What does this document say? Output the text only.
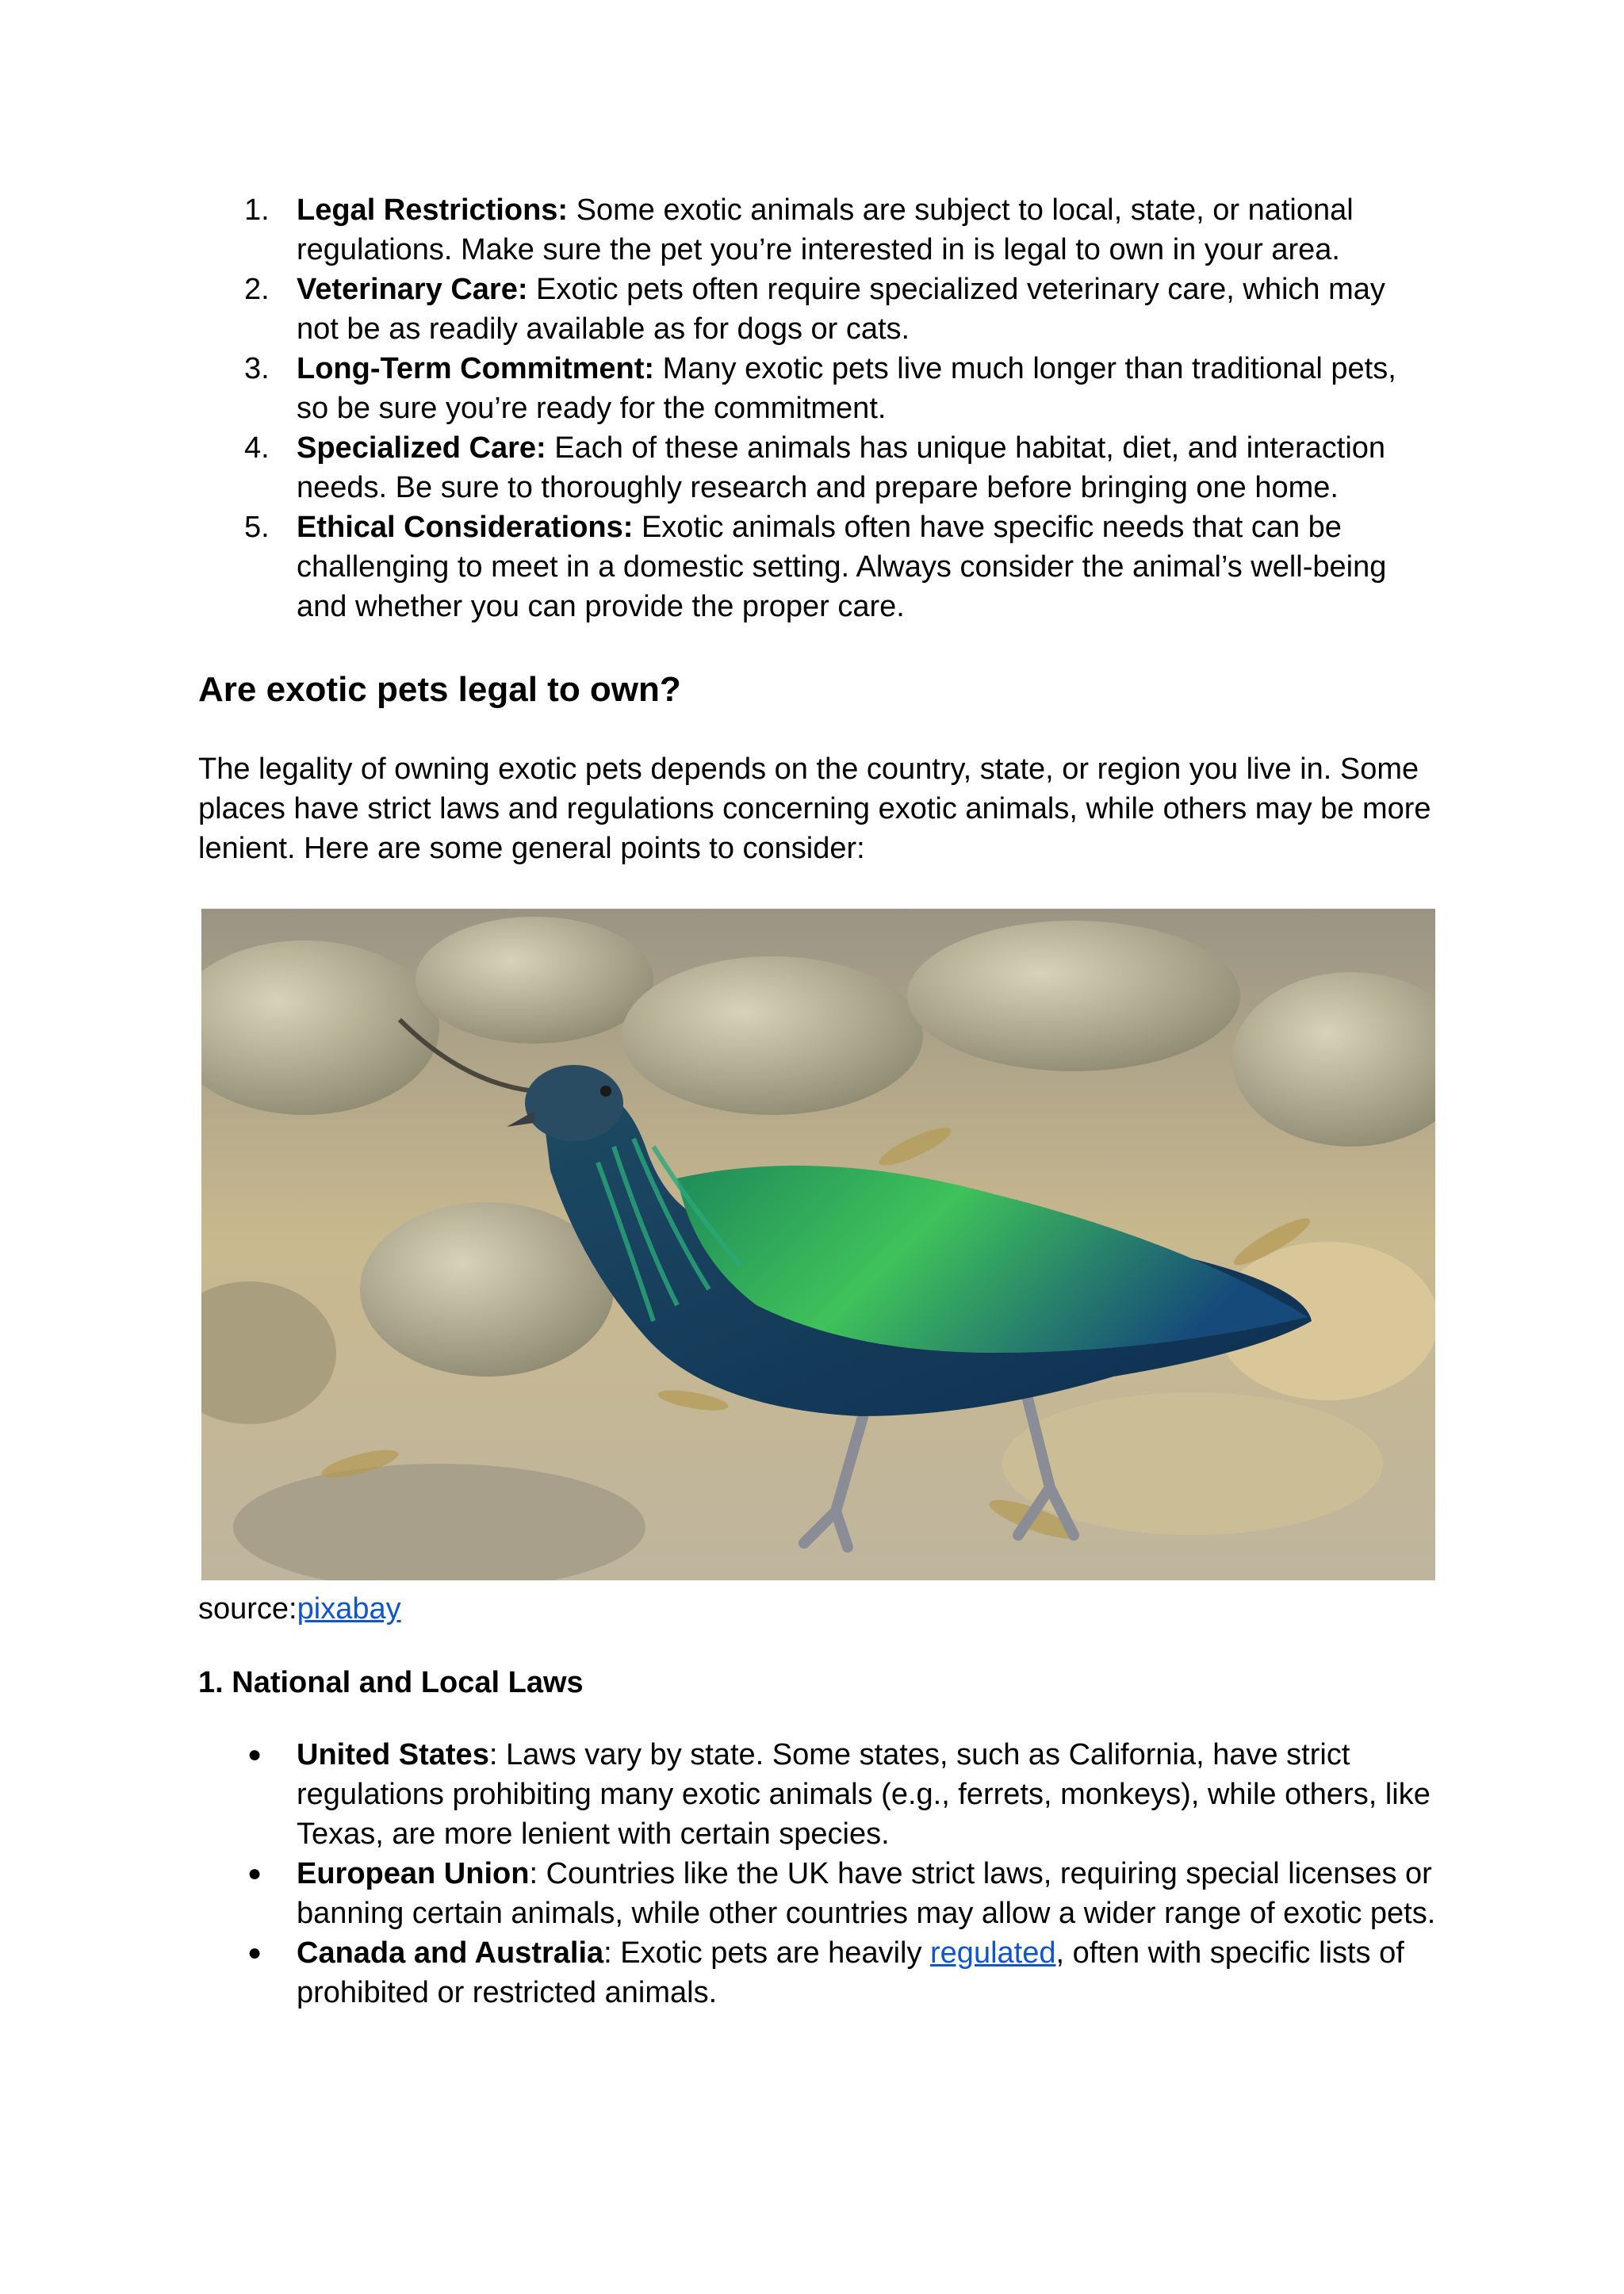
1. Legal Restrictions: Some exotic animals are subject to local, state, or national regulations. Make sure the pet you’re interested in is legal to own in your area.
2. Veterinary Care: Exotic pets often require specialized veterinary care, which may not be as readily available as for dogs or cats.
3. Long-Term Commitment: Many exotic pets live much longer than traditional pets, so be sure you’re ready for the commitment.
4. Specialized Care: Each of these animals has unique habitat, diet, and interaction needs. Be sure to thoroughly research and prepare before bringing one home.
5. Ethical Considerations: Exotic animals often have specific needs that can be challenging to meet in a domestic setting. Always consider the animal’s well-being and whether you can provide the proper care.
Are exotic pets legal to own?

The legality of owning exotic pets depends on the country, state, or region you live in. Some places have strict laws and regulations concerning exotic animals, while others may be more lenient. Here are some general points to consider:

source:pixabay

1. National and Local Laws
● United States: Laws vary by state. Some states, such as California, have strict regulations prohibiting many exotic animals (e.g., ferrets, monkeys), while others, like Texas, are more lenient with certain species.
● European Union: Countries like the UK have strict laws, requiring special licenses or banning certain animals, while other countries may allow a wider range of exotic pets.
● Canada and Australia: Exotic pets are heavily regulated, often with specific lists of prohibited or restricted animals.
